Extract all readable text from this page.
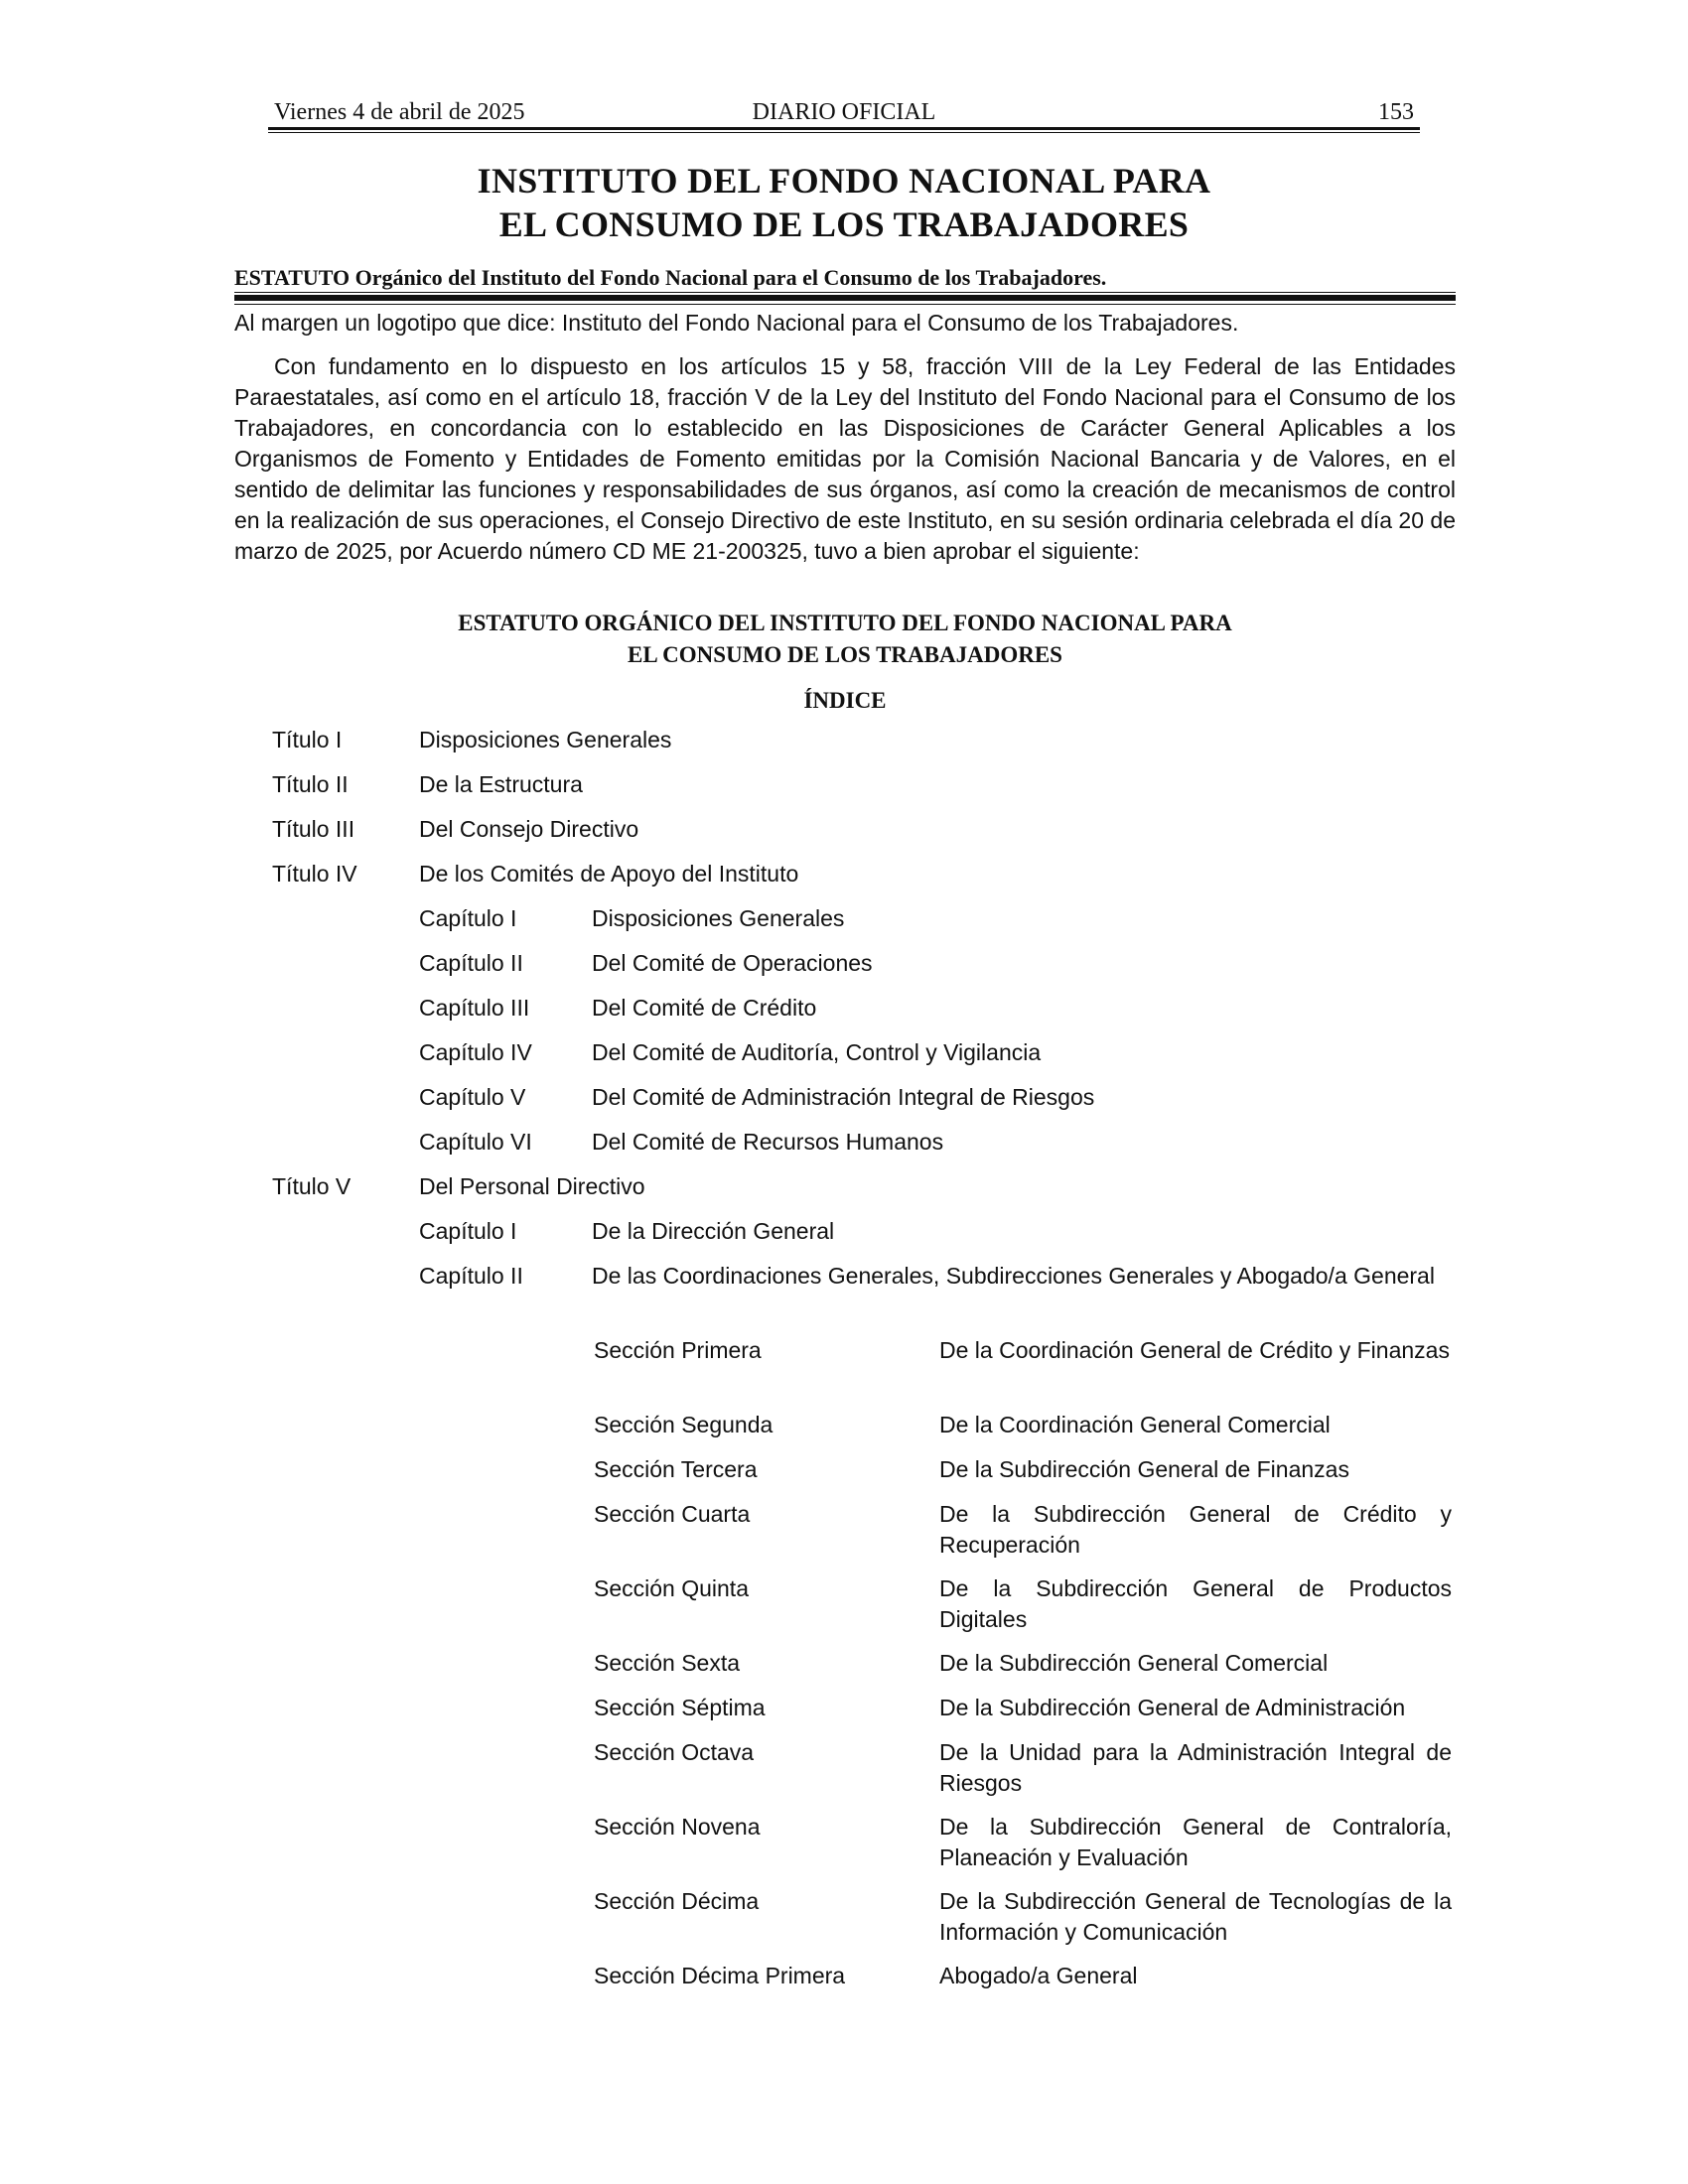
Viernes 4 de abril de 2025	DIARIO OFICIAL	153
INSTITUTO DEL FONDO NACIONAL PARA
EL CONSUMO DE LOS TRABAJADORES
ESTATUTO Orgánico del Instituto del Fondo Nacional para el Consumo de los Trabajadores.
Al margen un logotipo que dice: Instituto del Fondo Nacional para el Consumo de los Trabajadores.
Con fundamento en lo dispuesto en los artículos 15 y 58, fracción VIII de la Ley Federal de las Entidades Paraestatales, así como en el artículo 18, fracción V de la Ley del Instituto del Fondo Nacional para el Consumo de los Trabajadores, en concordancia con lo establecido en las Disposiciones de Carácter General Aplicables a los Organismos de Fomento y Entidades de Fomento emitidas por la Comisión Nacional Bancaria y de Valores, en el sentido de delimitar las funciones y responsabilidades de sus órganos, así como la creación de mecanismos de control en la realización de sus operaciones, el Consejo Directivo de este Instituto, en su sesión ordinaria celebrada el día 20 de marzo de 2025, por Acuerdo número CD ME 21-200325, tuvo a bien aprobar el siguiente:
ESTATUTO ORGÁNICO DEL INSTITUTO DEL FONDO NACIONAL PARA
EL CONSUMO DE LOS TRABAJADORES
ÍNDICE
Título I	Disposiciones Generales
Título II	De la Estructura
Título III	Del Consejo Directivo
Título IV	De los Comités de Apoyo del Instituto
Capítulo I	Disposiciones Generales
Capítulo II	Del Comité de Operaciones
Capítulo III	Del Comité de Crédito
Capítulo IV	Del Comité de Auditoría, Control y Vigilancia
Capítulo V	Del Comité de Administración Integral de Riesgos
Capítulo VI	Del Comité de Recursos Humanos
Título V	Del Personal Directivo
Capítulo I	De la Dirección General
Capítulo II	De las Coordinaciones Generales, Subdirecciones Generales y Abogado/a General
Sección Primera	De la Coordinación General de Crédito y Finanzas
Sección Segunda	De la Coordinación General Comercial
Sección Tercera	De la Subdirección General de Finanzas
Sección Cuarta	De la Subdirección General de Crédito y Recuperación
Sección Quinta	De la Subdirección General de Productos Digitales
Sección Sexta	De la Subdirección General Comercial
Sección Séptima	De la Subdirección General de Administración
Sección Octava	De la Unidad para la Administración Integral de Riesgos
Sección Novena	De la Subdirección General de Contraloría, Planeación y Evaluación
Sección Décima	De la Subdirección General de Tecnologías de la Información y Comunicación
Sección Décima Primera	Abogado/a General
